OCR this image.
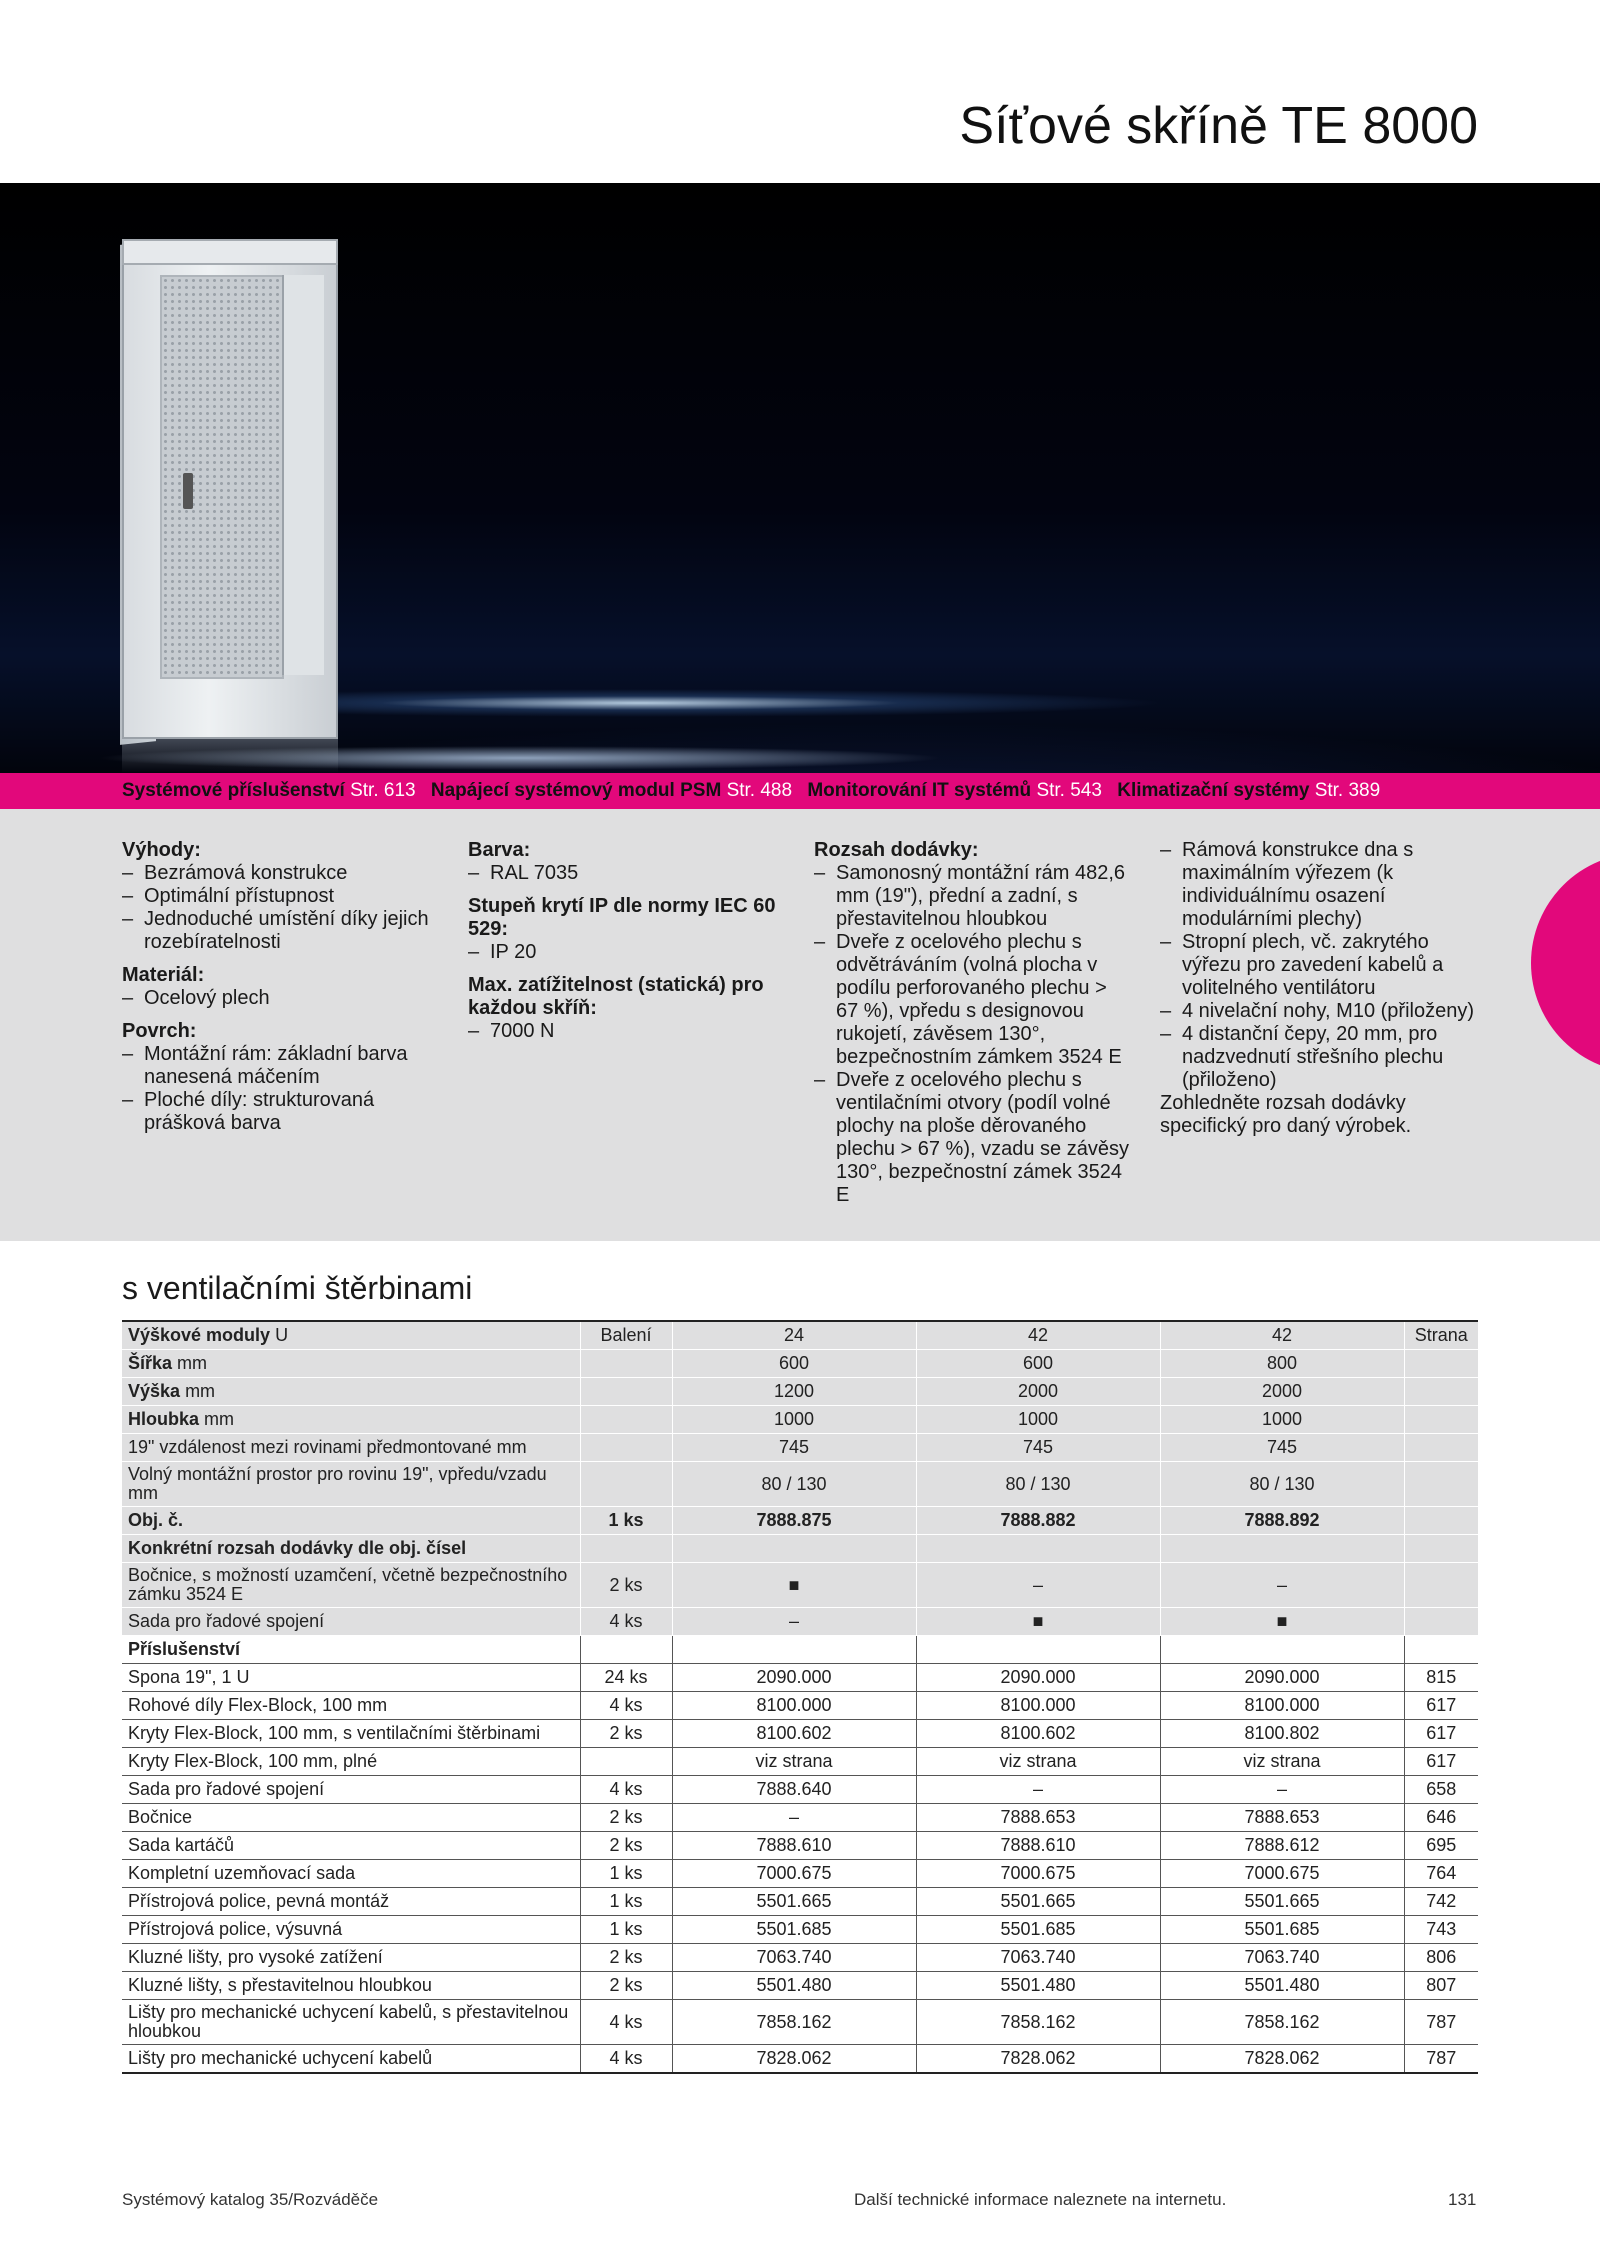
Síťové skříně TE 8000
Systémové příslušenství Str. 613 Napájecí systémový modul PSM Str. 488 Monitorování IT systémů Str. 543 Klimatizační systémy Str. 389
Výhody:
– Bezrámová konstrukce
– Optimální přístupnost
– Jednoduché umístění díky jejich rozebíratelnosti
Materiál:
– Ocelový plech
Povrch:
– Montážní rám: základní barva nanesená máčením
– Ploché díly: strukturovaná prášková barva
Barva:
– RAL 7035
Stupeň krytí IP dle normy IEC 60 529:
– IP 20
Max. zatížitelnost (statická) pro každou skříň:
– 7000 N
Rozsah dodávky:
– Samonosný montážní rám 482,6 mm (19"), přední a zadní, s přestavitelnou hloubkou
– Dveře z ocelového plechu s odvětráváním (volná plocha v podílu perforovaného plechu > 67 %), vpředu s designovou rukojetí, závěsem 130°, bezpečnostním zámkem 3524 E
– Dveře z ocelového plechu s ventilačními otvory (podíl volné plochy na ploše děrovaného plechu > 67 %), vzadu se závěsy 130°, bezpečnostní zámek 3524 E
– Rámová konstrukce dna s maximálním výřezem (k individuálnímu osazení modulárními plechy)
– Stropní plech, vč. zakrytého výřezu pro zavedení kabelů a volitelného ventilátoru
– 4 nivelační nohy, M10 (přiloženy)
– 4 distanční čepy, 20 mm, pro nadzvednutí střešního plechu (přiloženo)

Zohledněte rozsah dodávky specifický pro daný výrobek.

s ventilačními štěrbinami
Výškové moduly U	Balení	24	42	42	Strana
Šířka mm		600	600	800	
Výška mm		1200	2000	2000	
Hloubka mm		1000	1000	1000	
19" vzdálenost mezi rovinami předmontované mm		745	745	745	
Volný montážní prostor pro rovinu 19", vpředu/vzadu mm		80 / 130	80 / 130	80 / 130	
Obj. č.	1 ks	7888.875	7888.882	7888.892	
Konkrétní rozsah dodávky dle obj. čísel					
Bočnice, s možností uzamčení, včetně bezpečnostního zámku 3524 E	2 ks	■	–	–	
Sada pro řadové spojení	4 ks	–	■	■	
Příslušenství					
Spona 19", 1 U	24 ks	2090.000	2090.000	2090.000	815
Rohové díly Flex-Block, 100 mm	4 ks	8100.000	8100.000	8100.000	617
Kryty Flex-Block, 100 mm, s ventilačními štěrbinami	2 ks	8100.602	8100.602	8100.802	617
Kryty Flex-Block, 100 mm, plné		viz strana	viz strana	viz strana	617
Sada pro řadové spojení	4 ks	7888.640	–	–	658
Bočnice	2 ks	–	7888.653	7888.653	646
Sada kartáčů	2 ks	7888.610	7888.610	7888.612	695
Kompletní uzemňovací sada	1 ks	7000.675	7000.675	7000.675	764
Přístrojová police, pevná montáž	1 ks	5501.665	5501.665	5501.665	742
Přístrojová police, výsuvná	1 ks	5501.685	5501.685	5501.685	743
Kluzné lišty, pro vysoké zatížení	2 ks	7063.740	7063.740	7063.740	806
Kluzné lišty, s přestavitelnou hloubkou	2 ks	5501.480	5501.480	5501.480	807
Lišty pro mechanické uchycení kabelů, s přestavitelnou hloubkou	4 ks	7858.162	7858.162	7858.162	787
Lišty pro mechanické uchycení kabelů	4 ks	7828.062	7828.062	7828.062	787
Systémový katalog 35/Rozváděče	Další technické informace naleznete na internetu.	131
